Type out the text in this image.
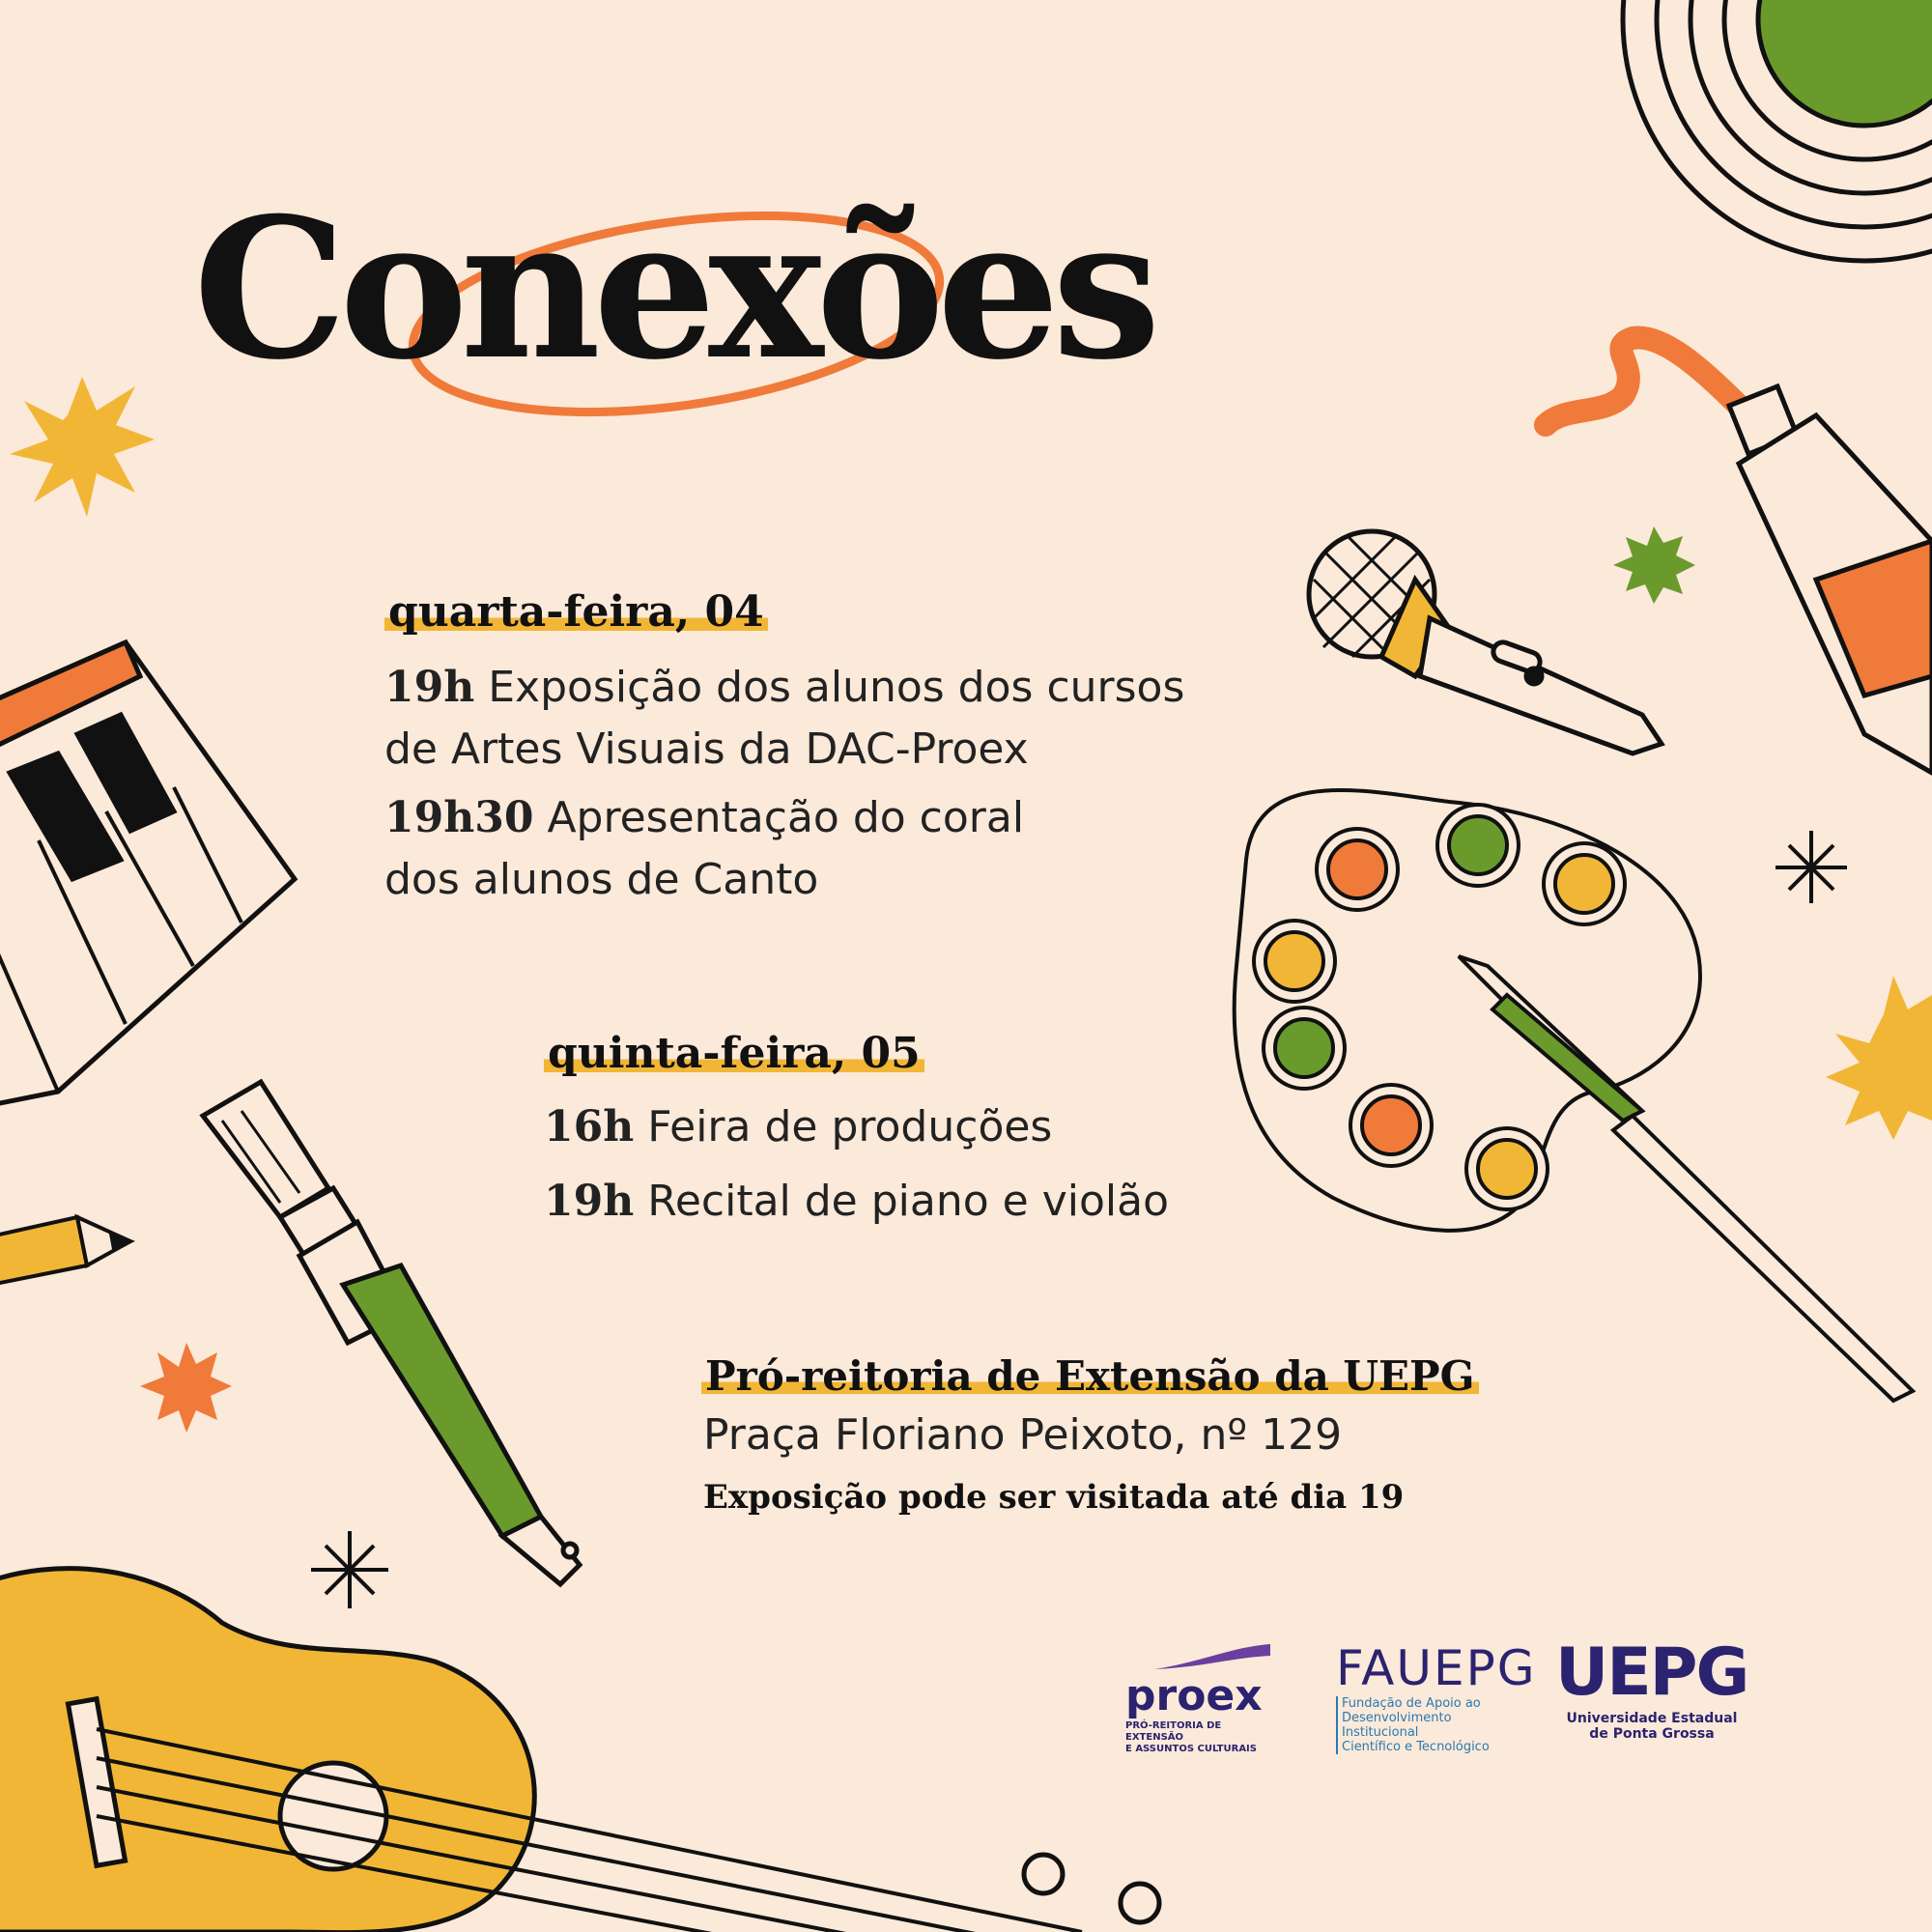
Conexões
quarta-feira, 04
19h Exposição dos alunos dos cursos
de Artes Visuais da DAC-Proex
19h30 Apresentação do coral
dos alunos de Canto
quinta-feira, 05
16h Feira de produções
19h Recital de piano e violão
Pró-reitoria de Extensão da UEPG
Praça Floriano Peixoto, nº 129
Exposição pode ser visitada até dia 19
proex
PRÓ-REITORIA DE EXTENSÃO
E ASSUNTOS CULTURAIS
FAUEPG
Fundação de Apoio ao
Desenvolvimento Institucional
Científico e Tecnológico
UEPG
Universidade Estadual
de Ponta Grossa
